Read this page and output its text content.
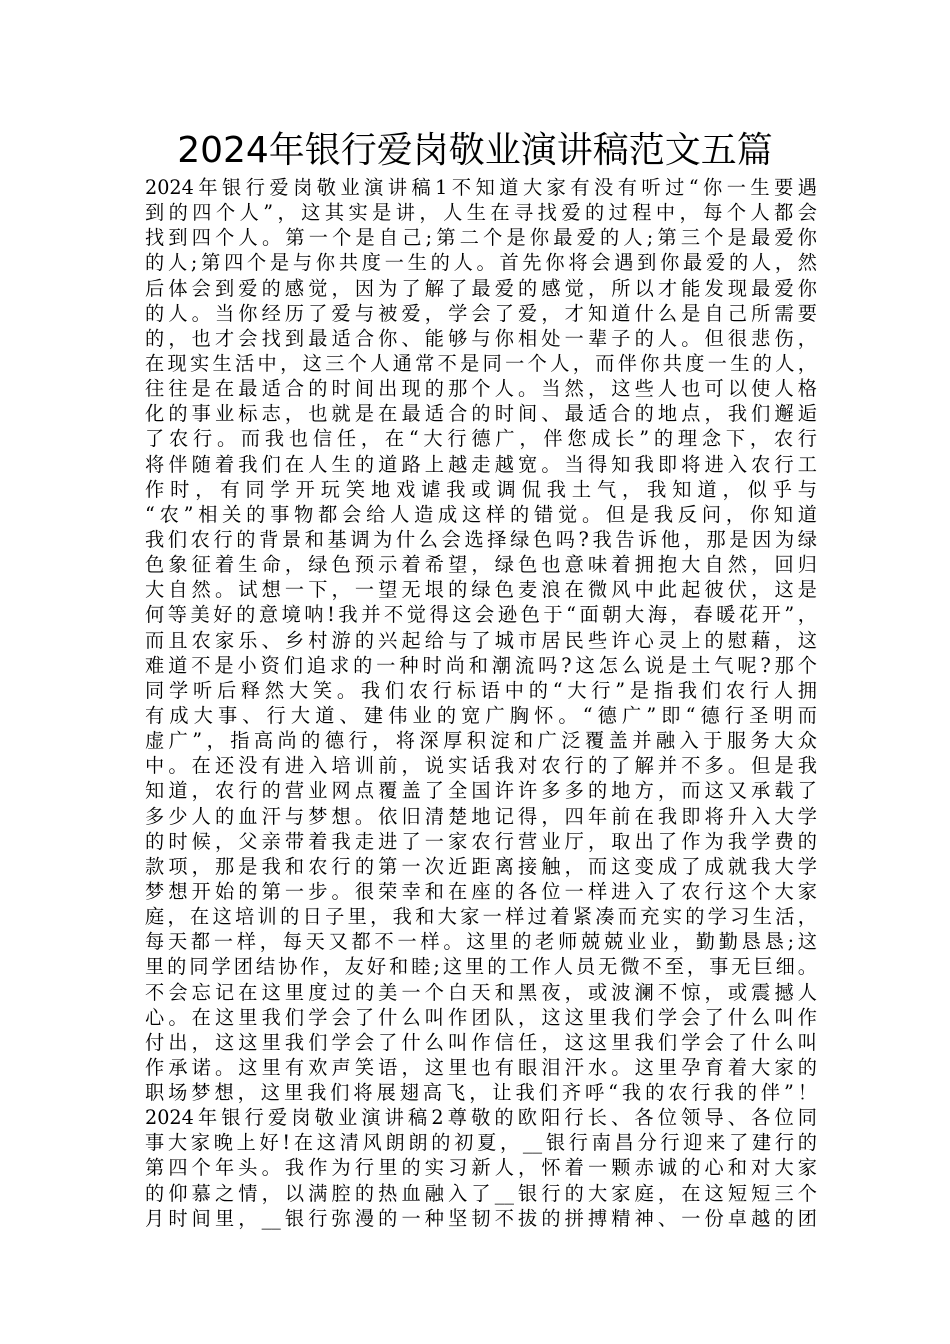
2024年银行爱岗敬业演讲稿范文五篇
2024年银行爱岗敬业演讲稿1不知道大家有没有听过“你一生要遇
到的四个人”，这其实是讲，人生在寻找爱的过程中，每个人都会
找到四个人。第一个是自己;第二个是你最爱的人;第三个是最爱你
的人;第四个是与你共度一生的人。首先你将会遇到你最爱的人，然
后体会到爱的感觉，因为了解了最爱的感觉，所以才能发现最爱你
的人。当你经历了爱与被爱，学会了爱，才知道什么是自己所需要
的，也才会找到最适合你、能够与你相处一辈子的人。但很悲伤，
在现实生活中，这三个人通常不是同一个人，而伴你共度一生的人，
往往是在最适合的时间出现的那个人。当然，这些人也可以使人格
化的事业标志，也就是在最适合的时间、最适合的地点，我们邂逅
了农行。而我也信任，在“大行德广，伴您成长”的理念下，农行
将伴随着我们在人生的道路上越走越宽。当得知我即将进入农行工
作时，有同学开玩笑地戏谑我或调侃我土气，我知道，似乎与
“农”相关的事物都会给人造成这样的错觉。但是我反问，你知道
我们农行的背景和基调为什么会选择绿色吗?我告诉他，那是因为绿
色象征着生命，绿色预示着希望，绿色也意味着拥抱大自然，回归
大自然。试想一下，一望无垠的绿色麦浪在微风中此起彼伏，这是
何等美好的意境呐!我并不觉得这会逊色于“面朝大海，春暖花开”，
而且农家乐、乡村游的兴起给与了城市居民些许心灵上的慰藉，这
难道不是小资们追求的一种时尚和潮流吗?这怎么说是土气呢?那个
同学听后释然大笑。我们农行标语中的“大行”是指我们农行人拥
有成大事、行大道、建伟业的宽广胸怀。“德广”即“德行圣明而
虚广”，指高尚的德行，将深厚积淀和广泛覆盖并融入于服务大众
中。在还没有进入培训前，说实话我对农行的了解并不多。但是我
知道，农行的营业网点覆盖了全国许许多多的地方，而这又承载了
多少人的血汗与梦想。依旧清楚地记得，四年前在我即将升入大学
的时候，父亲带着我走进了一家农行营业厅，取出了作为我学费的
款项，那是我和农行的第一次近距离接触，而这变成了成就我大学
梦想开始的第一步。很荣幸和在座的各位一样进入了农行这个大家
庭，在这培训的日子里，我和大家一样过着紧凑而充实的学习生活，
每天都一样，每天又都不一样。这里的老师兢兢业业，勤勤恳恳;这
里的同学团结协作，友好和睦;这里的工作人员无微不至，事无巨细。
不会忘记在这里度过的美一个白天和黑夜，或波澜不惊，或震撼人
心。在这里我们学会了什么叫作团队，这这里我们学会了什么叫作
付出，这这里我们学会了什么叫作信任，这这里我们学会了什么叫
作承诺。这里有欢声笑语，这里也有眼泪汗水。这里孕育着大家的
职场梦想，这里我们将展翅高飞，让我们齐呼“我的农行我的伴”！
2024年银行爱岗敬业演讲稿2尊敬的欧阳行长、各位领导、各位同
事大家晚上好!在这清风朗朗的初夏，__银行南昌分行迎来了建行的
第四个年头。我作为行里的实习新人，怀着一颗赤诚的心和对大家
的仰慕之情，以满腔的热血融入了__银行的大家庭，在这短短三个
月时间里，__银行弥漫的一种坚韧不拔的拼搏精神、一份卓越的团
